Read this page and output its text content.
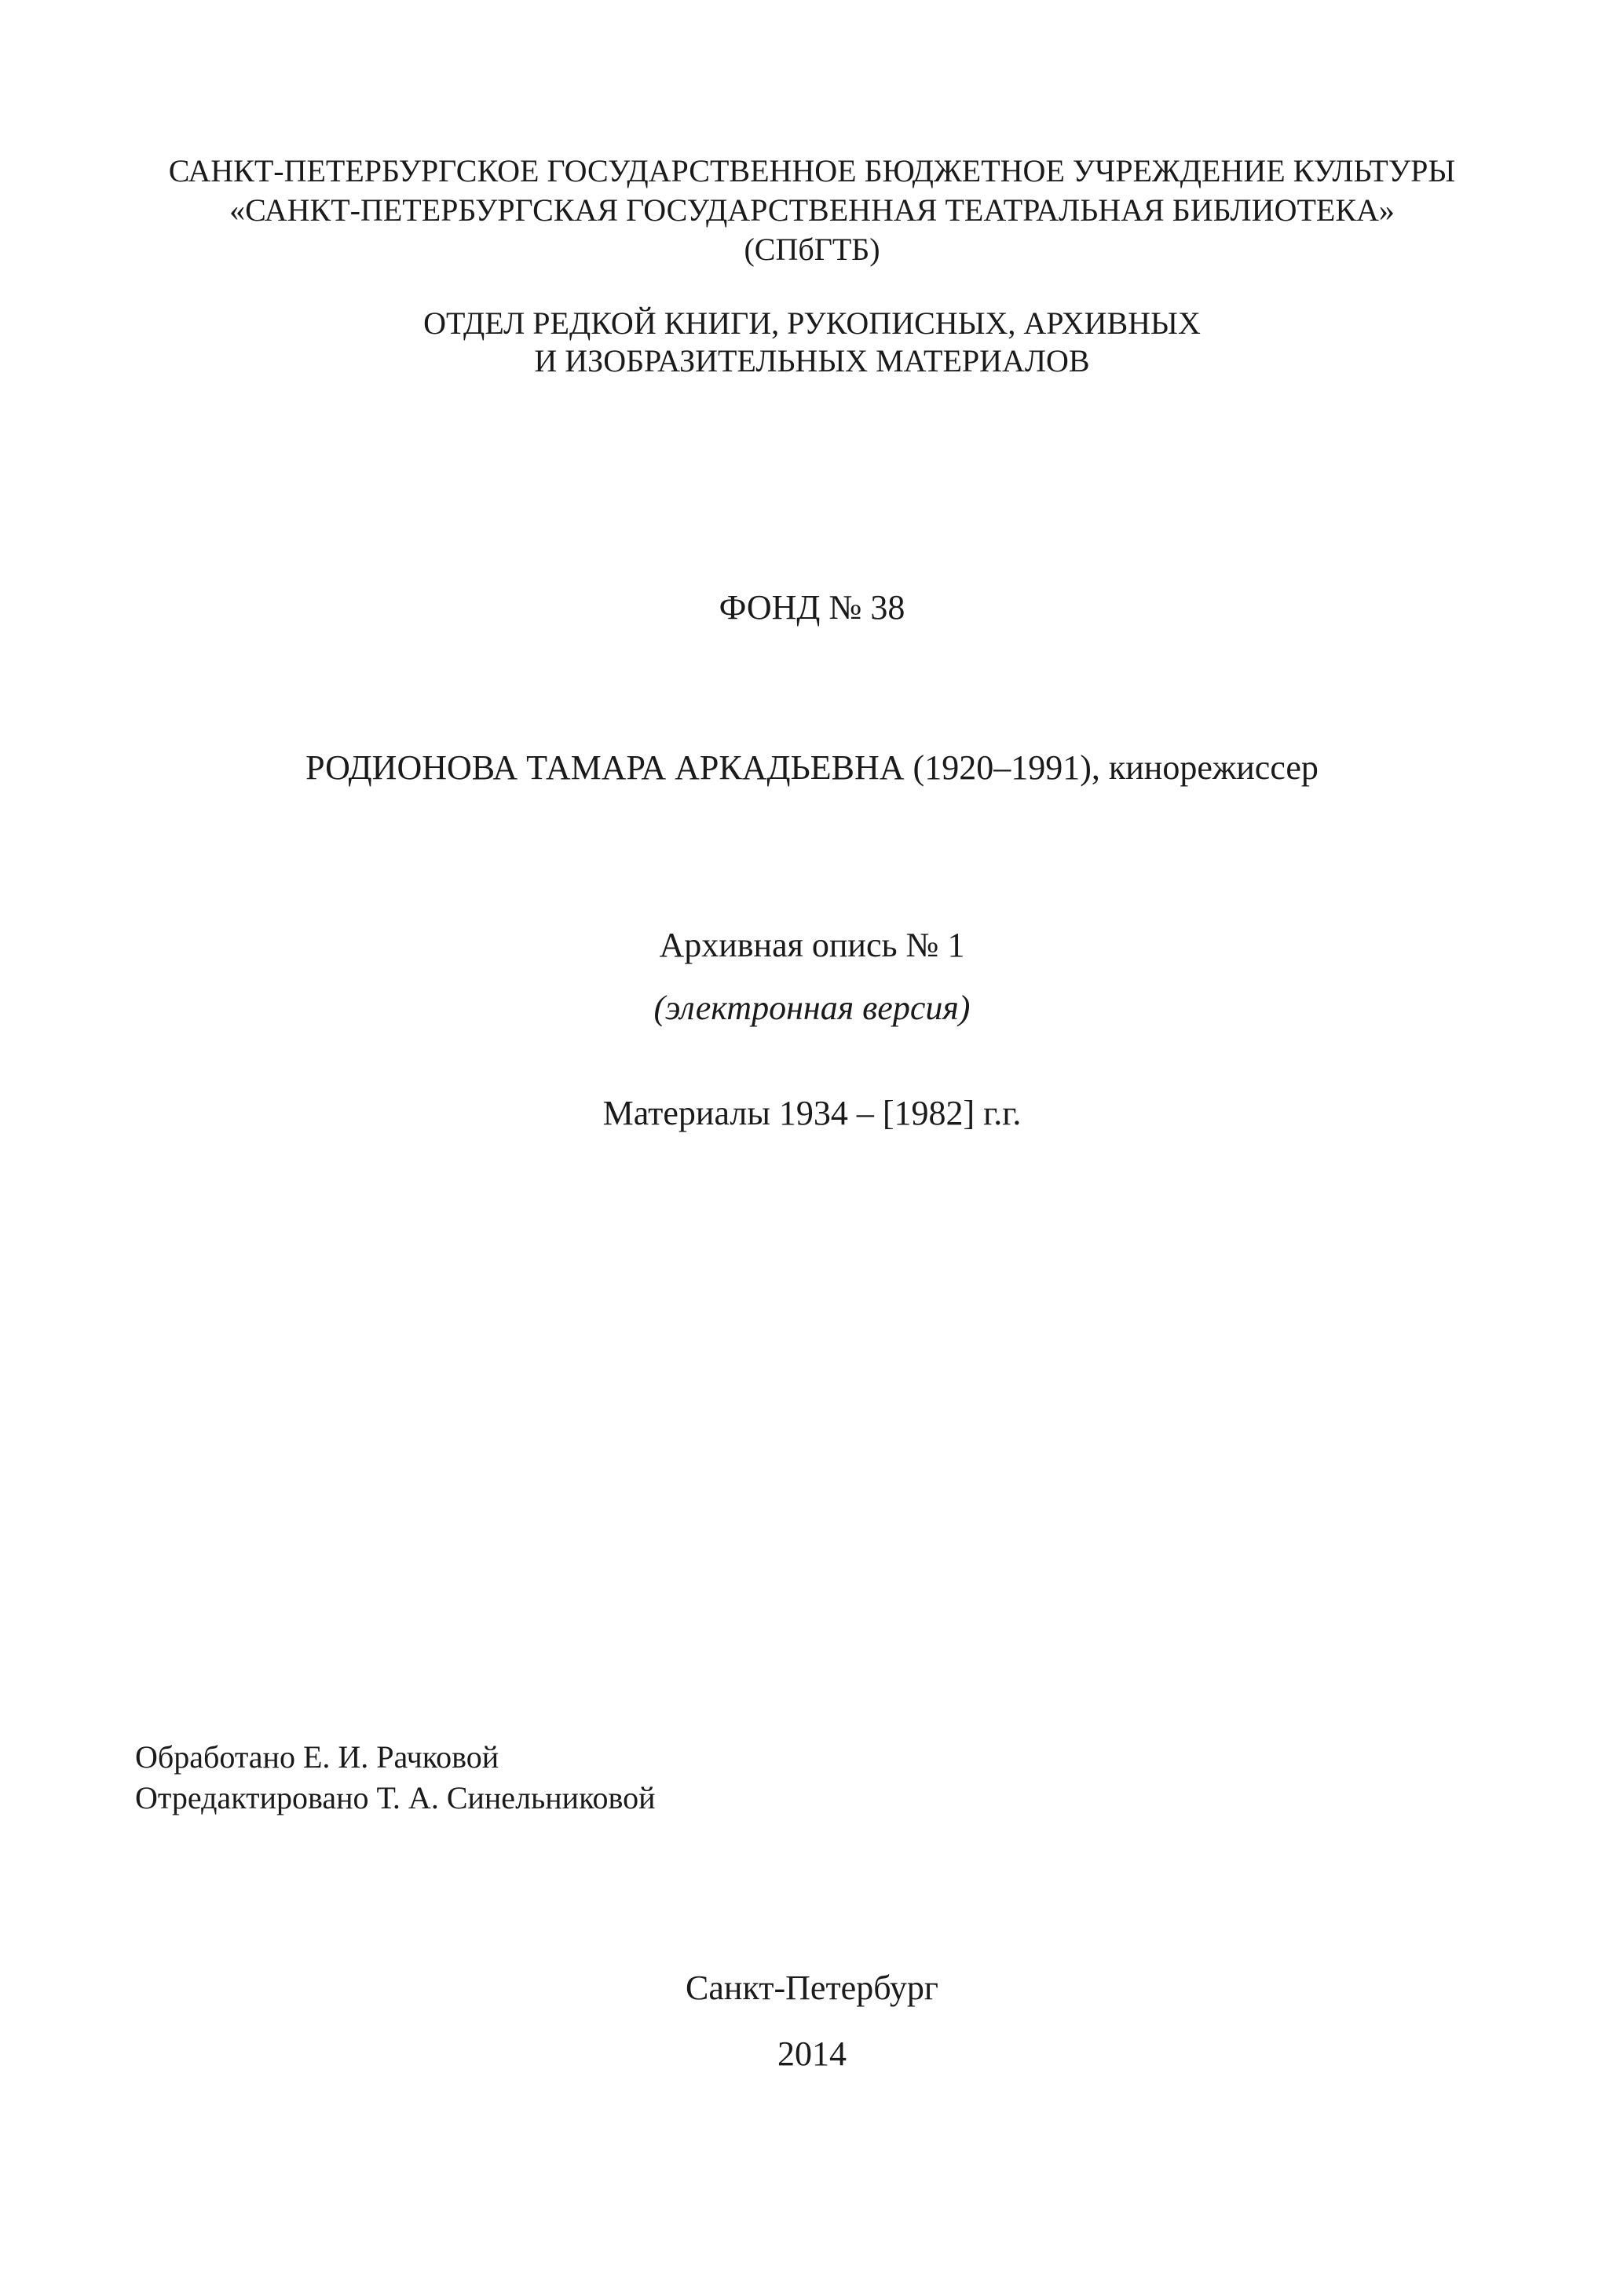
САНКТ-ПЕТЕРБУРГСКОЕ ГОСУДАРСТВЕННОЕ БЮДЖЕТНОЕ УЧРЕЖДЕНИЕ КУЛЬТУРЫ
«САНКТ-ПЕТЕРБУРГСКАЯ ГОСУДАРСТВЕННАЯ ТЕАТРАЛЬНАЯ БИБЛИОТЕКА»
(СПбГТБ)
ОТДЕЛ РЕДКОЙ КНИГИ, РУКОПИСНЫХ, АРХИВНЫХ
И ИЗОБРАЗИТЕЛЬНЫХ МАТЕРИАЛОВ
ФОНД № 38
РОДИОНОВА ТАМАРА АРКАДЬЕВНА (1920–1991), кинорежиссер
Архивная опись № 1
(электронная версия)
Материалы 1934 – [1982] г.г.
Обработано Е. И. Рачковой
Отредактировано Т. А. Синельниковой
Санкт-Петербург
2014
